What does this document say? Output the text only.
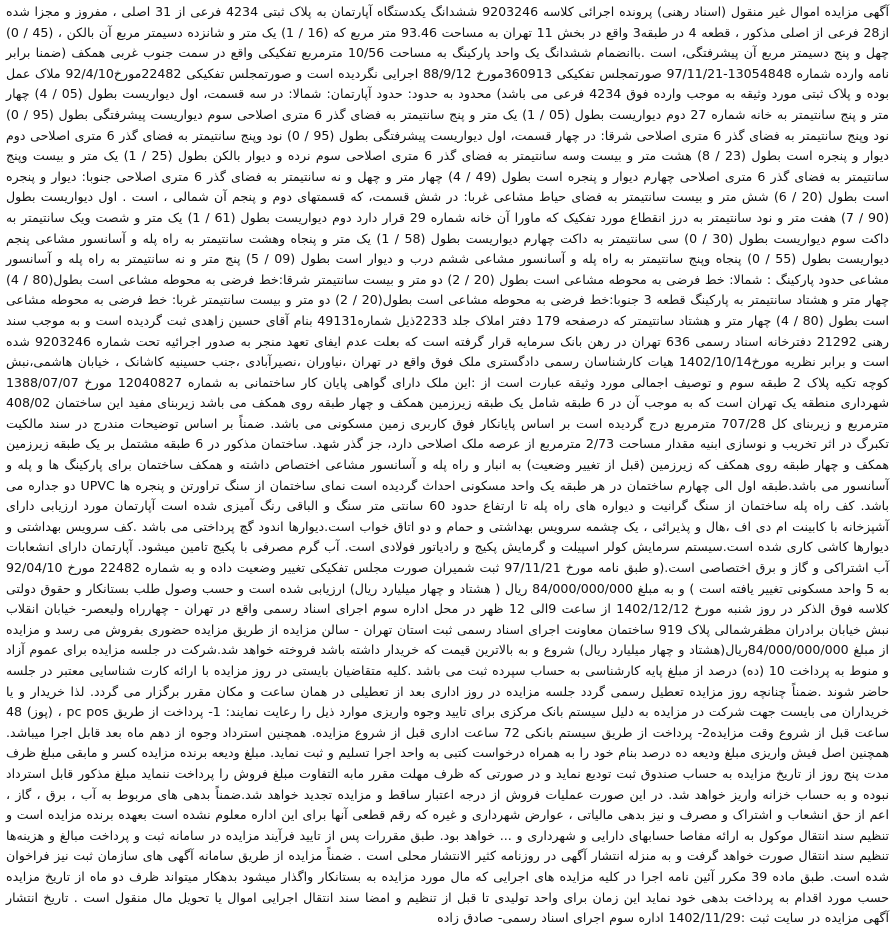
آگهی مزایده اموال غیر منقول (اسناد رهنی) پرونده اجرائی کلاسه 9203246 ششدانگ یکدستگاه آپارتمان به پلاک ثبتی 4234 فرعی از 31 اصلی ، مفروز و مجزا شده از28 فرعی از اصلی مذکور ، قطعه 4 در طبقه3 واقع در بخش 11 تهران به مساحت 93.46 متر مربع که (16 / 1) یک متر و شانزده دسیمتر مربع آن بالکن ، (45 / 0) چهل و پنج دسیمتر مربع آن پیشرفتگی، است .باانضمام ششدانگ یک واحد پارکینگ به مساحت 10/56 مترمربع تفکیکی واقع در سمت جنوب غربی همکف (ضمنا برابر نامه وارده شماره 13054848-97/11/21 صورتمجلس تفکیکی 360913مورخ 88/9/12 اجرایی نگردیده است و صورتمجلس تفکیکی 22482مورخ92/4/10 ملاک عمل بوده و پلاک ثبتی مورد وثیقه به موجب وارده فوق 4234 فرعی می باشد) محدود به حدود: حدود آپارتمان: شمالا: در سه قسمت، اول دیواریست بطول (05 / 4) چهار متر و پنج سانتیمتر به خانه شماره 27 دوم دیواریست بطول (05 / 1) یک متر و پنج سانتیمتر به فضای گذر 6 متری اصلاحی سوم دیواریست پیشرفتگی بطول (95 / 0) نود وپنج سانتیمتر به فضای گذر 6 متری اصلاحی شرقا: در چهار قسمت، اول دیواریست پیشرفتگی بطول (95 / 0) نود وپنج سانتیمتر به فضای گذر 6 متری اصلاحی دوم دیوار و پنجره است بطول (23 / 8) هشت متر و بیست وسه سانتیمتر به فضای گذر 6 متری اصلاحی سوم نرده و دیوار بالکن بطول (25 / 1) یک متر و بیست وپنج سانتیمتر به فضای گذر 6 متری اصلاحی چهارم دیوار و پنجره است بطول (49 / 4) چهار متر و چهل و نه سانتیمتر به فضای گذر 6 متری اصلاحی جنوبا: دیوار و پنجره است بطول (20 / 6) شش متر و بیست سانتیمتر به فضای حیاط مشاعی غربا: در شش قسمت، که قسمتهای دوم و پنجم آن شمالی ، است . اول دیواریست بطول (90 / 7) هفت متر و نود سانتیمتر به درز انقطاع مورد تفکیک که ماورا آن خانه شماره 29 قرار دارد دوم دیواریست بطول (61 / 1) یک متر و شصت ویک سانتیمتر به داکت سوم دیواریست بطول (30 / 0) سی سانتیمتر به داکت چهارم دیواریست بطول (58 / 1) یک متر و پنجاه وهشت سانتیمتر به راه پله و آسانسور مشاعی پنجم دیواریست بطول (55 / 0) پنجاه وپنج سانتیمتر به راه پله و آسانسور مشاعی ششم درب و دیوار است بطول (09 / 5) پنج متر و نه سانتیمتر به راه پله و آسانسور مشاعی حدود پارکینگ : شمالا: خط فرضی به محوطه مشاعی است بطول (20 / 2) دو متر و بیست سانتیمتر شرقا:خط فرضی به محوطه مشاعی است بطول(80 / 4) چهار متر و هشتاد سانتیمتر به پارکینگ قطعه 3 جنوبا:خط فرضی به محوطه مشاعی است بطول(20 / 2) دو متر و بیست سانتیمتر غربا: خط فرضی به محوطه مشاعی است بطول (80 / 4) چهار متر و هشتاد سانتیمتر که درصفحه 179 دفتر املاک جلد 2233ذیل شماره49131 بنام آقای حسین زاهدی ثبت گردیده است و به موجب سند رهنی 21292 دفترخانه اسناد رسمی 636 تهران در رهن بانک سرمایه قرار گرفته است که بعلت عدم ایفای تعهد منجر به صدور اجرائیه تحت شماره 9203246 شده است و برابر نظریه مورخ1402/10/14 هیات کارشناسان رسمی دادگستری ملک فوق واقع در تهران ،نیاوران ،نصیرآبادی ،جنب حسینیه کاشانک ، خیابان هاشمی،نبش کوچه تکیه پلاک 2 طبقه سوم و توصیف اجمالی مورد وثیقه عبارت است از :این ملک دارای گواهی پایان کار ساختمانی به شماره 12040827 مورخ 1388/07/07 شهرداری منطقه یک تهران است که به موجب آن در 6 طبقه شامل یک طبقه زیرزمین همکف و چهار طبقه روی همکف می باشد زیربنای مفید این ساختمان 408/02 مترمربع و زیربنای کل 707/28 مترمربع درج گردیده است بر اساس پایانکار فوق کاربری زمین مسکونی می باشد. ضمناً بر اساس توضیحات مندرج در سند مالکیت تکبرگ در اثر تخریب و نوسازی ابنیه مقدار مساحت 2/73 مترمربع از عرصه ملک اصلاحی دارد، جز گذر شهد. ساختمان مذکور در 6 طبقه مشتمل بر یک طبقه زیرزمین همکف و چهار طبقه روی همکف که زیرزمین (قبل از تغییر وضعیت) به انبار و راه پله و آسانسور مشاعی اختصاص داشته و همکف ساختمان برای پارکینگ ها و پله و آسانسور می باشد.طبقه اول الی چهارم ساختمان در هر طبقه یک واحد مسکونی احداث گردیده است نمای ساختمان از سنگ تراورتن و پنجره ها UPVC دو جداره می باشد. کف راه پله ساختمان از سنگ گرانیت و دیواره های راه پله تا ارتفاع حدود 60 سانتی متر سنگ و الباقی رنگ آمیزی شده است آپارتمان مورد ارزیابی دارای آشپزخانه با کابینت ام دی اف ،هال و پذیرائی ، یک چشمه سرویس بهداشتی و حمام و دو اتاق خواب است.دیوارها اندود گچ پرداختی می باشد .کف سرویس بهداشتی و دیوارها کاشی کاری شده است.سیستم سرمایش کولر اسپیلت و گرمایش پکیج و رادیاتور فولادی است. آب گرم مصرفی با پکیج تامین میشود. آپارتمان دارای انشعابات آب اشتراکی و گاز و برق اختصاصی است.(و طبق نامه مورخ 97/11/21 ثبت شمیران صورت مجلس تفکیکی تغییر وضعیت داده و به شماره 22482 مورخ 92/04/10 به 5 واحد مسکونی تغییر یافته است ) و به مبلغ 84/000/000/000 ریال ( هشتاد و چهار میلیارد ریال) ارزیابی شده است و حسب وصول طلب بستانکار و حقوق دولتی کلاسه فوق الذکر در روز شنبه مورخ 1402/12/12 از ساعت 9الی 12 ظهر در محل اداره سوم اجرای اسناد رسمی واقع در تهران - چهارراه ولیعصر- خیابان انقلاب نبش خیابان برادران مظفرشمالی پلاک 919 ساختمان معاونت اجرای اسناد رسمی ثبت استان تهران - سالن مزایده از طریق مزایده حضوری بفروش می رسد و مزایده از مبلغ 84/000/000/000ریال(هشتاد و چهار میلیارد ریال) شروع و به بالاترین قیمت که خریدار داشته باشد فروخته خواهد شد.شرکت در جلسه مزایده برای عموم آزاد و منوط به پرداخت 10 (ده) درصد از مبلغ پایه کارشناسی به حساب سپرده ثبت می باشد .کلیه متقاضیان بایستی در روز مزایده با ارائه کارت شناسایی معتبر در جلسه حاضر شوند .ضمناً چنانچه روز مزایده تعطیل رسمی گردد جلسه مزایده در روز اداری بعد از تعطیلی در همان ساعت و مکان مقرر برگزار می گردد. لذا خریدار و یا خریداران می بایست جهت شرکت در مزایده به دلیل سیستم بانک مرکزی برای تایید وجوه واریزی موارد ذیل را رعایت نمایند: 1- پرداخت از طریق pc pos ، (پوز) 48 ساعت قبل از شروع وقت مزایده2- پرداخت از طریق سیستم بانکی 72 ساعت اداری قبل از شروع مزایده. همچنین استرداد وجوه از دهم ماه بعد قابل اجرا میباشد. همچنین اصل فیش واریزی مبلغ ودیعه ده درصد بنام خود را به همراه درخواست کتبی به واحد اجرا تسلیم و ثبت نماید. مبلغ ودیعه برنده مزایده کسر و مابقی مبلغ ظرف مدت پنج روز از تاریخ مزایده به حساب صندوق ثبت تودیع نماید و در صورتی که ظرف مهلت مقرر مابه التفاوت مبلغ فروش را پرداخت ننماید مبلغ مذکور قابل استرداد نبوده و به حساب خزانه واریز خواهد شد. در این صورت عملیات فروش از درجه اعتبار ساقط و مزایده تجدید خواهد شد.ضمناً بدهی های مربوط به آب ، برق ، گاز ، اعم از حق انشعاب و اشتراک و مصرف و نیز بدهی مالیاتی ، عوارض شهرداری و غیره که رقم قطعی آنها برای این اداره معلوم نشده است بعهده برنده مزایده است و تنظیم سند انتقال موکول به ارائه مفاصا حسابهای دارایی و شهرداری و ... خواهد بود. طبق مقررات پس از تایید فرآیند مزایده در سامانه ثبت و پرداخت مبالغ و هزینه‌ها تنظیم سند انتقال صورت خواهد گرفت و به منزله انتشار آگهی در روزنامه کثیر الانتشار محلی است . ضمناً مزایده از طریق سامانه آگهی های سازمان ثبت نیز فراخوان شده است. طبق ماده 39 مکرر آئین نامه اجرا در کلیه مزایده های اجرایی که مال مورد مزایده به بستانکار واگذار میشود بدهکار میتواند ظرف دو ماه از تاریخ مزایده حسب مورد اقدام به پرداخت بدهی خود نماید این زمان برای واحد تولیدی تا قبل از تنظیم و امضا سند انتقال اجرایی اموال یا تحویل مال منقول است . تاریخ انتشار آگهی مزایده در سایت ثبت :1402/11/29 اداره سوم اجرای اسناد رسمی- صادق زاده
